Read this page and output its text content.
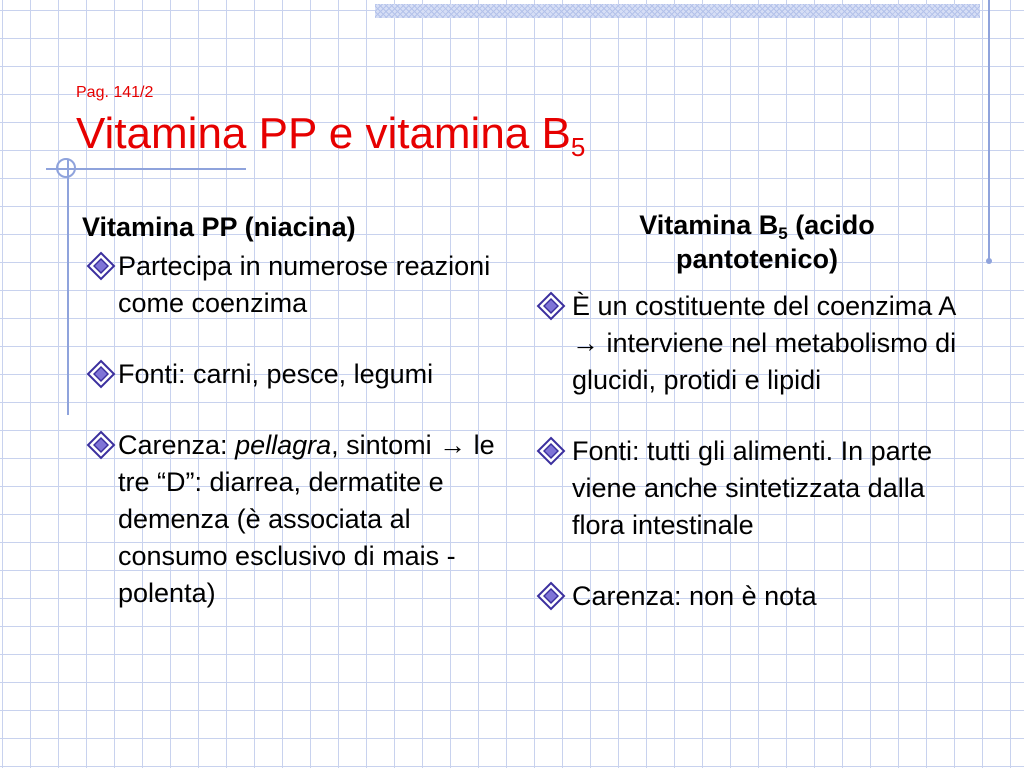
Pag. 141/2
Vitamina PP e vitamina $B_5$
Vitamina PP (niacina)
Partecipa in numerose reazioni come coenzima
Fonti: carni, pesce, legumi
Carenza: pellagra, sintomi → le tre “D”: diarrea, dermatite e demenza (è associata al consumo esclusivo di mais - polenta)
Vitamina $B_5$ (acido
pantotenico)
È un costituente del coenzima A → interviene nel metabolismo di glucidi, protidi e lipidi
Fonti: tutti gli alimenti. In parte viene anche sintetizzata dalla flora intestinale
Carenza: non è nota
